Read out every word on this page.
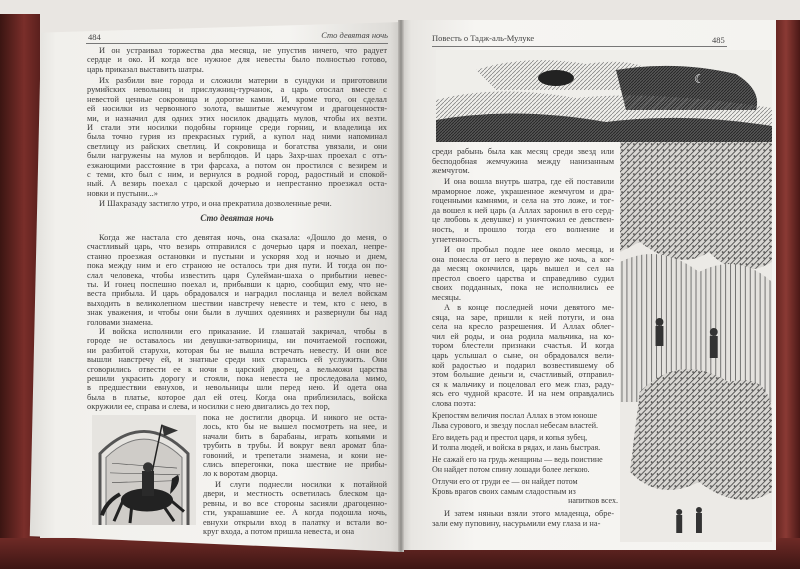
484	Сто девятая ночь
И он устраивал торжества два месяца, не упустив ничего, что радует
сердце и око. И когда все нужное для невесты было полностью готово,
царь приказал выставить шатры.
Их разбили вне города и сложили материи в сундуки и приготовили
румийских невольниц и прислужниц-турчанок, а царь отослал вместе с
невестой ценные сокровища и дорогие камни. И, кроме того, он сделал
ей носилки из червонного золота, вышитые жемчугом и драгоценностя-
ми, и назначил для одних этих носилок двадцать мулов, чтобы их везти.
И стали эти носилки подобны горнице среди горниц, и владелица их
была точно гурия из прекрасных гурий, а купол над ними напоминал
светлицу из райских светлиц. И сокровища и богатства увязали, и они
были нагружены на мулов и верблюдов. И царь Захр-шах проехал с отъ-
езжающими расстояние в три фарсаха, а потом он простился с везирем и
с теми, кто был с ним, и вернулся в родной город, радостный и спокой-
ный. А везирь поехал с царской дочерью и непрестанно проезжал оста-
новки и пустыни...»
И Шахразаду застигло утро, и она прекратила дозволенные речи.
Сто девятая ночь
Когда же настала сто девятая ночь, она сказала: «Дошло до меня, о
счастливый царь, что везирь отправился с дочерью царя и поехал, непре-
станно проезжая остановки и пустыни и ускоряя ход и ночью и днем,
пока между ним и его страною не осталось три дня пути. И тогда он по-
слал человека, чтобы известить царя Сулейман-шаха о прибытии невес-
ты. И гонец поспешно поехал и, прибывши к царю, сообщил ему, что не-
веста прибыла. И царь обрадовался и наградил посланца и велел войскам
выходить в великолепном шествии навстречу невесте и тем, кто с нею, в
знак уважения, и чтобы они были в лучших одеяниях и развернули бы над
головами знамена.
И войска исполнили его приказание. И глашатай закричал, чтобы в
городе не оставалось ни девушки-затворницы, ни почитаемой госпожи,
ни разбитой старухи, которая бы не вышла встречать невесту. И они все
вышли навстречу ей, и знатные среди них старались ей услужить. Они
сговорились отвести ее к ночи в царский дворец, а вельможи царства
решили украсить дорогу и стояли, пока невеста не проследовала мимо,
в предшествии евнухов, и невольницы шли перед нею. И одета она
была в платье, которое дал ей отец. Когда она приблизилась, войска
окружили ее, справа и слева, и носилки с нею двигались до тех пор,
пока не достигли дворца. И никого не оста-
лось, кто бы не вышел посмотреть на нее, и
начали бить в барабаны, играть копьями и
трубить в трубы. И вокруг веял аромат бла-
говоний, и трепетали знамена, и кони не-
слись вперегонки, пока шествие не прибы-
ло к воротам дворца.
И слуги поднесли носилки к потайной
двери, и местность осветилась блеском ца-
ревны, и во все стороны засияли драгоценно-
сти, украшавшие ее. А когда подошла ночь,
евнухи открыли вход в палатку и встали во-
круг входа, а потом пришла невеста, и она
Повесть о Тадж-аль-Мулуке	485
☾
среди рабынь была как месяц среди звезд или
бесподобная жемчужина между нанизанным
жемчугом.
И она вошла внутрь шатра, где ей поставили
мраморное ложе, украшенное жемчугом и дра-
гоценными камнями, и села на это ложе, и тог-
да вошел к ней царь (а Аллах заронил в его серд-
це любовь к девушке) и уничтожил ее девствен-
ность, и прошло тогда его волнение и
угнетенность.
И он пробыл подле нее около месяца, и
она понесла от него в первую же ночь, а ког-
да месяц окончился, царь вышел и сел на
престол своего царства и справедливо судил
своих подданных, пока не исполнились ее
месяцы.
А в конце последней ночи девятого ме-
сяца, на заре, пришли к ней потуги, и она
села на кресло разрешения. И Аллах облег-
чил ей роды, и она родила мальчика, на ко-
тором блестели признаки счастья. И когда
царь услышал о сыне, он обрадовался вели-
кой радостью и подарил возвестившему об
этом большие деньги и, счастливый, отправил-
ся к мальчику и поцеловал его меж глаз, раду-
ясь его чудной красоте. И на нем оправдались
слова поэта:
Крепостям величия послал Аллах в этом юноше
Льва сурового, и звезду послал небесам властей.
Его видеть рад и престол царя, и копья зубец,
И толпа людей, и войска в рядах, и лань быстрая.
Не сажай его на грудь женщины — ведь поистине
Он найдет потом спину лошади более легкою.
Отлучи его от груди ее — он найдет потом
Кровь врагов своих самым сладостным из
напитков всех.
И затем няньки взяли этого младенца, обре-
зали ему пуповину, насурьмили ему глаза и на-
